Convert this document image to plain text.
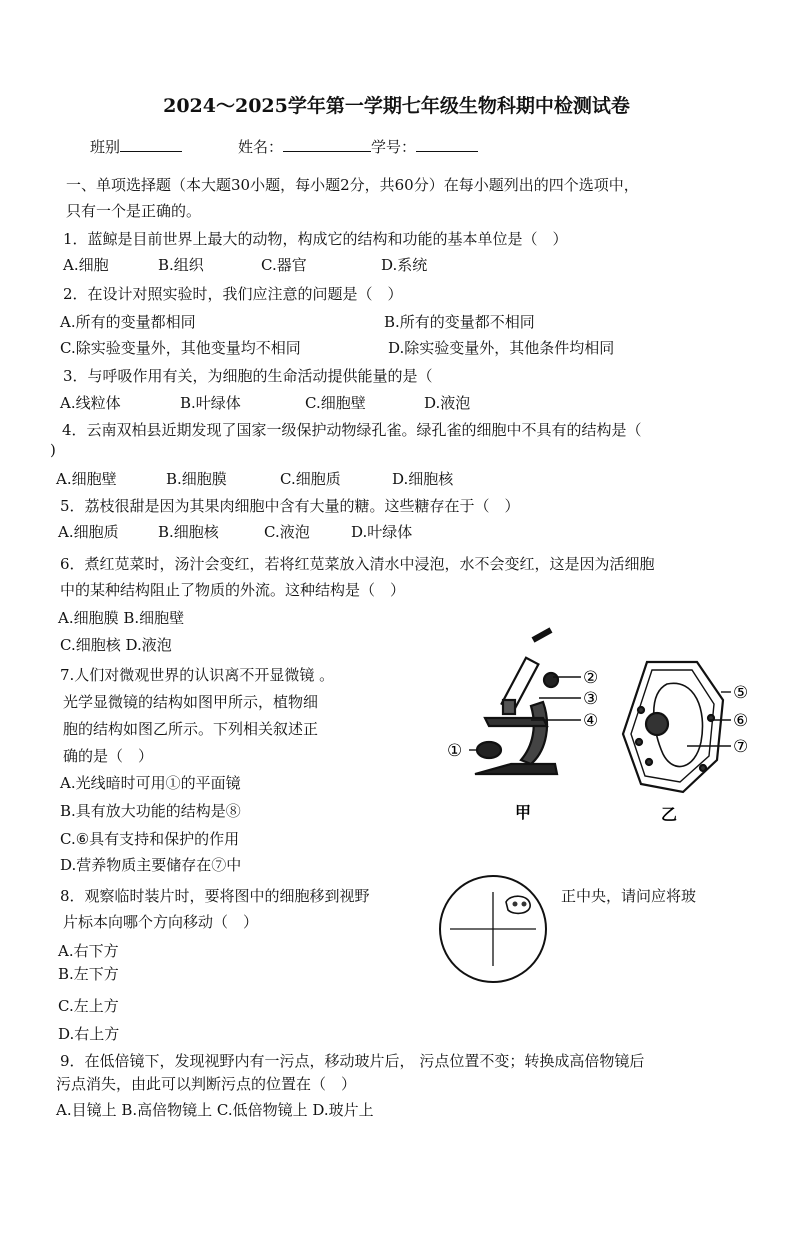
2024～2025学年第一学期七年级生物科期中检测试卷
班别	姓名：	学号：
一、单项选择题（本大题30小题，每小题2分，共60分）在每小题列出的四个选项中，
只有一个是正确的。
1．蓝鲸是目前世界上最大的动物，构成它的结构和功能的基本单位是（　）
A.细胞	B.组织	C.器官	D.系统
2．在设计对照实验时，我们应注意的问题是（　）
A.所有的变量都相同	B.所有的变量都不相同
C.除实验变量外，其他变量均不相同	D.除实验变量外，其他条件均相同
3．与呼吸作用有关，为细胞的生命活动提供能量的是（
A.线粒体	B.叶绿体	C.细胞壁	D.液泡
4．云南双柏县近期发现了国家一级保护动物绿孔雀。绿孔雀的细胞中不具有的结构是（
)
A.细胞壁	B.细胞膜	C.细胞质	D.细胞核
5．荔枝很甜是因为其果肉细胞中含有大量的糖。这些糖存在于（　）
A.细胞质	B.细胞核	C.液泡	D.叶绿体
6．煮红苋菜时，汤汁会变红，若将红苋菜放入清水中浸泡，水不会变红，这是因为活细胞
中的某种结构阻止了物质的外流。这种结构是（　）
A.细胞膜 B.细胞壁
C.细胞核 D.液泡
7.人们对微观世界的认识离不开显微镜 。
光学显微镜的结构如图甲所示，植物细
胞的结构如图乙所示。下列相关叙述正
确的是（　）
A.光线暗时可用①的平面镜
B.具有放大功能的结构是⑧
C.⑥具有支持和保护的作用
D.营养物质主要储存在⑦中
②
③
④
①
甲
⑤
⑥
⑦
乙
8．观察临时装片时，要将图中的细胞移到视野	正中央，请问应将玻
片标本向哪个方向移动（　）
A.右下方
B.左下方
C.左上方
D.右上方
9．在低倍镜下，发现视野内有一污点，移动玻片后， 污点位置不变；转换成高倍物镜后
污点消失，由此可以判断污点的位置在（　）
A.目镜上 B.高倍物镜上 C.低倍物镜上 D.玻片上
